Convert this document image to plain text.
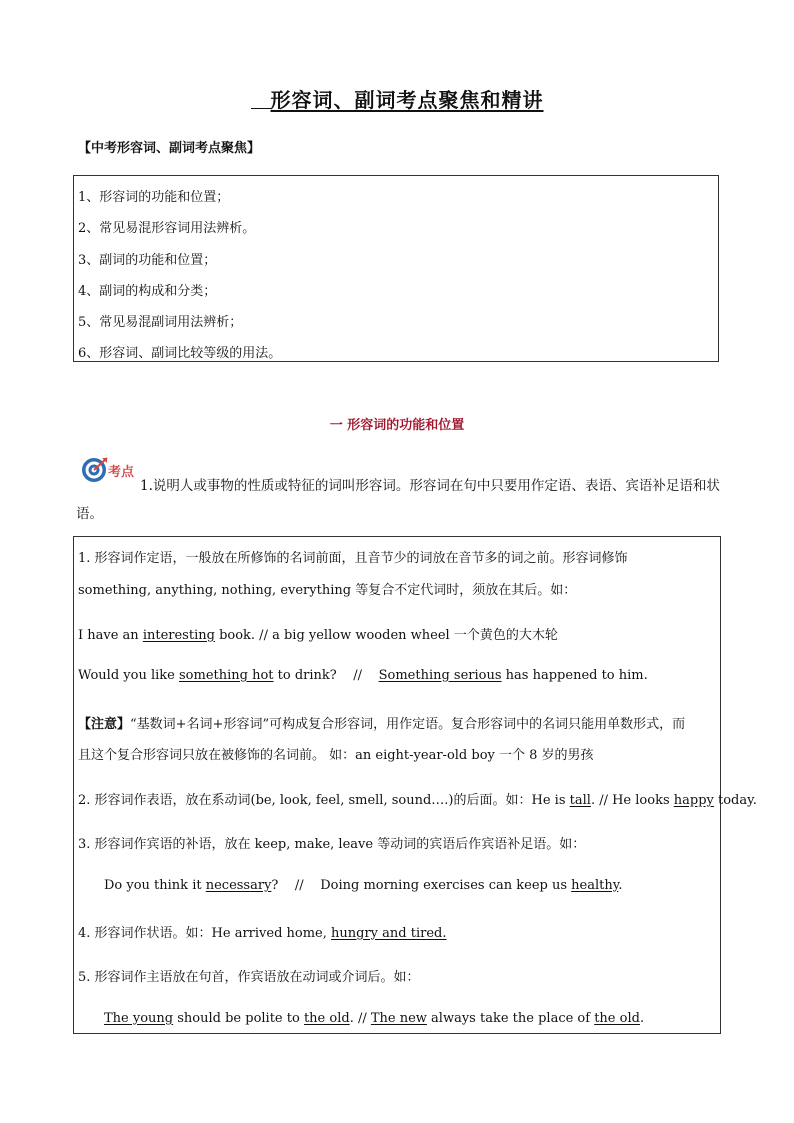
形容词、副词考点聚焦和精讲
【中考形容词、副词考点聚焦】
1、形容词的功能和位置；
2、常见易混形容词用法辨析。
3、副词的功能和位置；
4、副词的构成和分类；
5、常见易混副词用法辨析；
6、形容词、副词比较等级的用法。
一 形容词的功能和位置
考点
1.说明人或事物的性质或特征的词叫形容词。形容词在句中只要用作定语、表语、宾语补足语和状语。
1. 形容词作定语，一般放在所修饰的名词前面，且音节少的词放在音节多的词之前。形容词修饰
something, anything, nothing, everything 等复合不定代词时，须放在其后。如：
I have an interesting book. // a big yellow wooden wheel 一个黄色的大木轮
Would you like something hot to drink?    //    Something serious has happened to him.
【注意】“基数词+名词+形容词”可构成复合形容词，用作定语。复合形容词中的名词只能用单数形式，而
且这个复合形容词只放在被修饰的名词前。 如：an eight-year-old boy 一个 8 岁的男孩
2. 形容词作表语，放在系动词(be, look, feel, smell, sound….)的后面。如：He is tall. // He looks happy today.
3. 形容词作宾语的补语，放在 keep, make, leave 等动词的宾语后作宾语补足语。如：
Do you think it necessary?    //    Doing morning exercises can keep us healthy.
4. 形容词作状语。如：He arrived home, hungry and tired.
5. 形容词作主语放在句首，作宾语放在动词或介词后。如：
The young should be polite to the old. // The new always take the place of the old.
